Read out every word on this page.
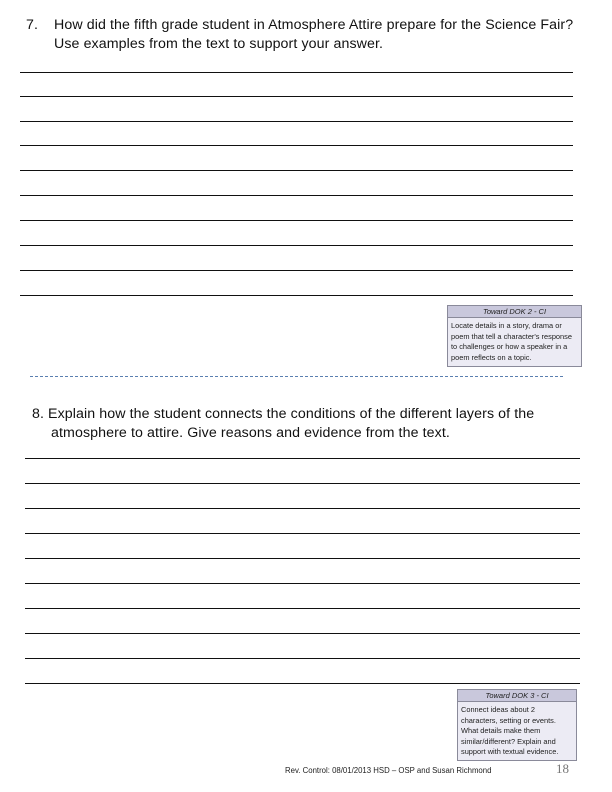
7. How did the fifth grade student in Atmosphere Attire prepare for the Science Fair? Use examples from the text to support your answer.
Toward DOK 2 - CI
Locate details in a story, drama or poem that tell a character's response to challenges or how a speaker in a poem reflects on a topic.
8. Explain how the student connects the conditions of the different layers of the atmosphere to attire. Give reasons and evidence from the text.
Toward DOK 3 - CI
Connect ideas about 2 characters, setting or events. What details make them similar/different? Explain and support with textual evidence.
Rev. Control: 08/01/2013 HSD – OSP and Susan Richmond	18
